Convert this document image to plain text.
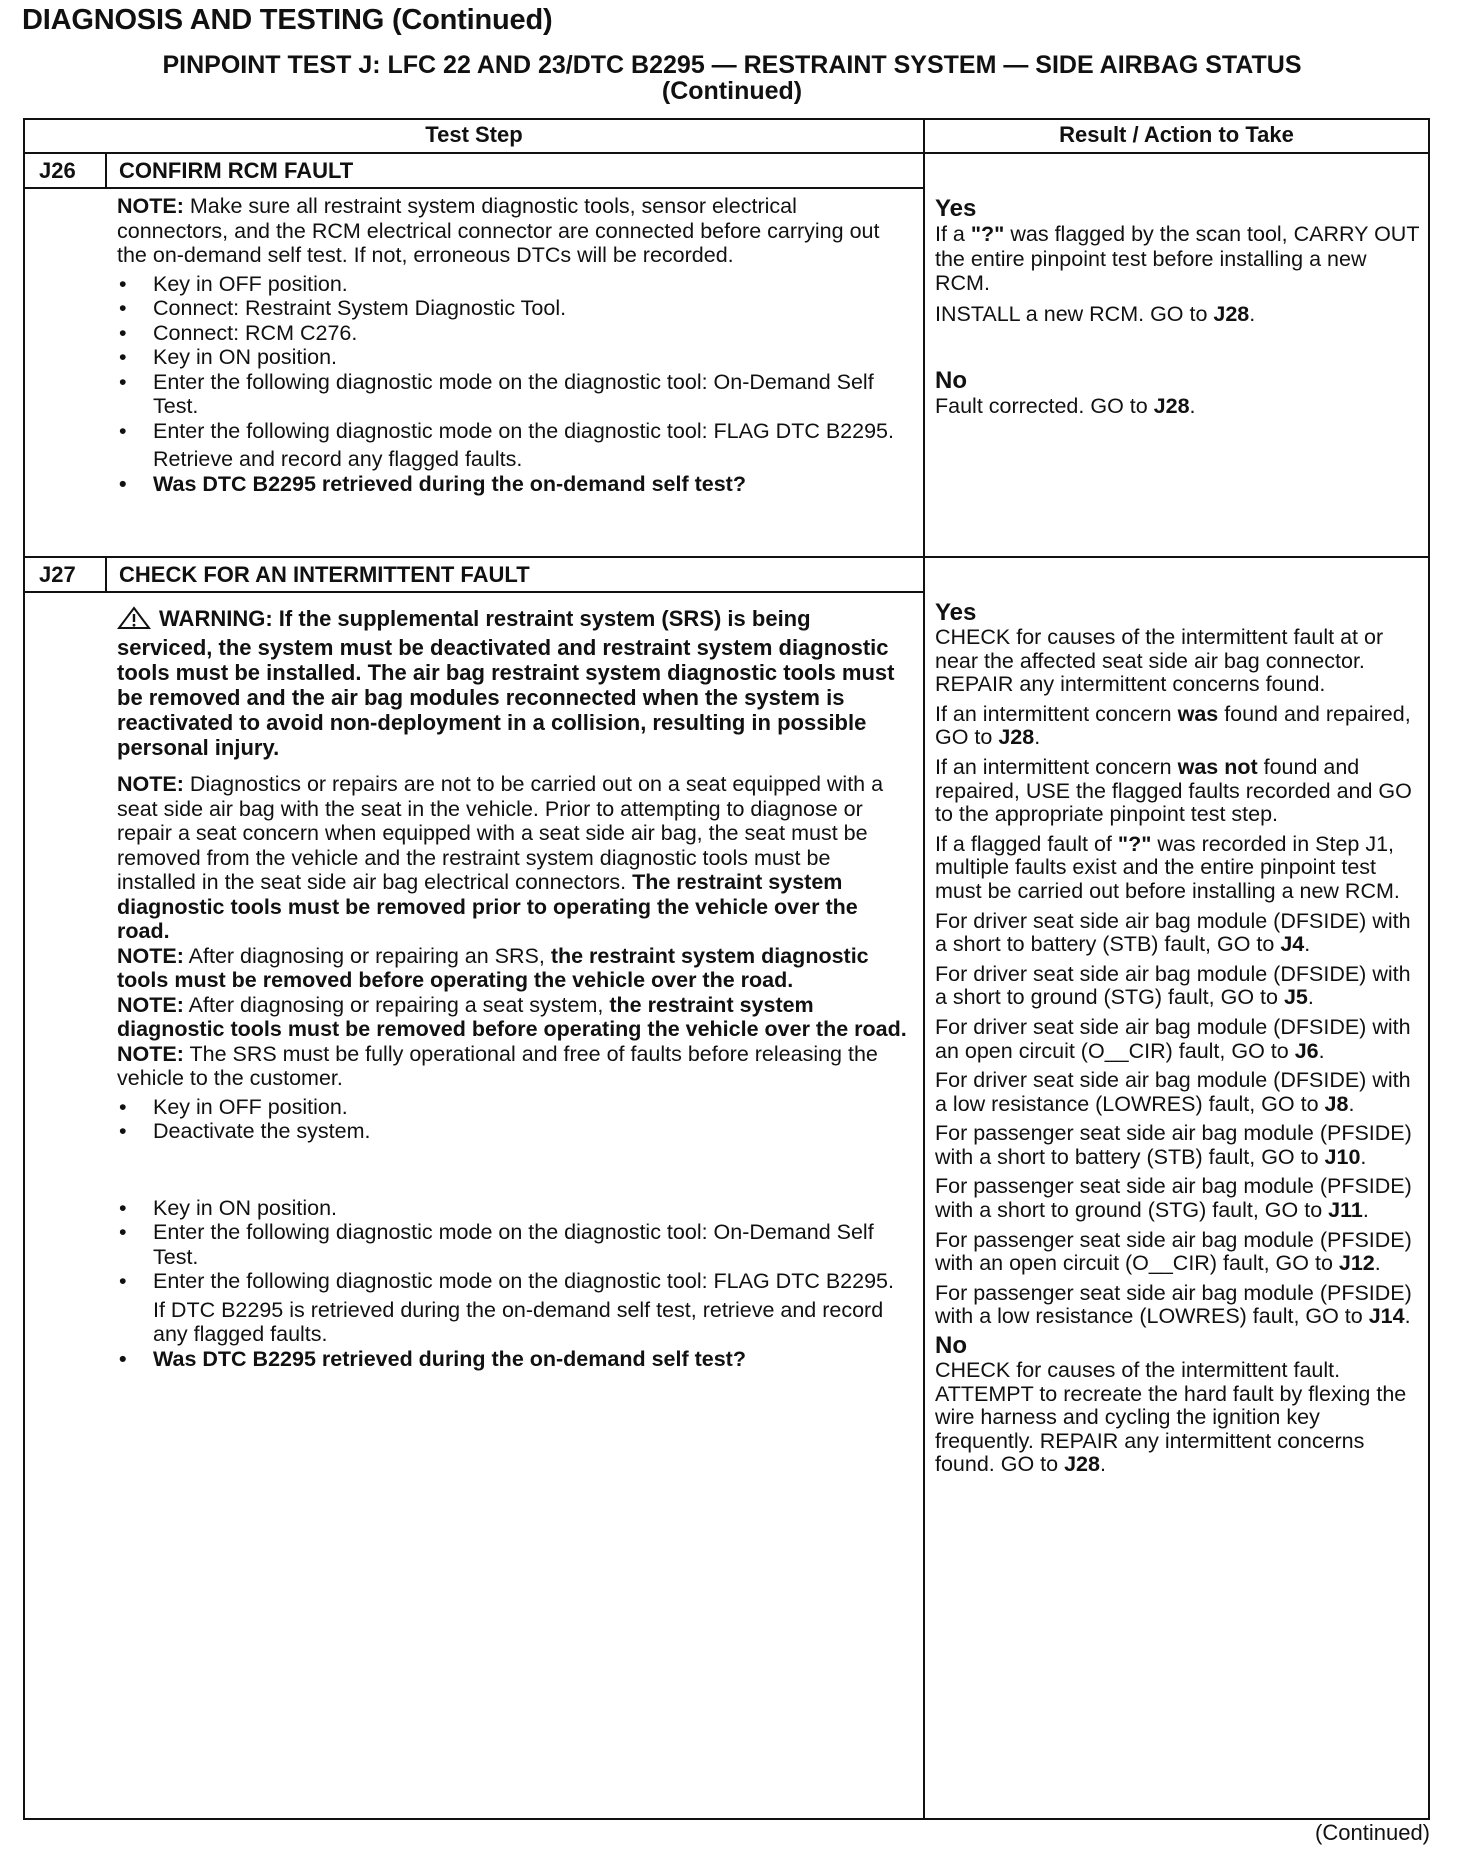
DIAGNOSIS AND TESTING (Continued)
PINPOINT TEST J: LFC 22 AND 23/DTC B2295 — RESTRAINT SYSTEM — SIDE AIRBAG STATUS
(Continued)
Test Step	Result / Action to Take
J26 CONFIRM RCM FAULT

NOTE: Make sure all restraint system diagnostic tools, sensor electrical connectors, and the RCM electrical connector are connected before carrying out the on-demand self test. If not, erroneous DTCs will be recorded.

• Key in OFF position.

• Connect: Restraint System Diagnostic Tool.

• Connect: RCM C276.

• Key in ON position.

• Enter the following diagnostic mode on the diagnostic tool: On-Demand Self Test.

• Enter the following diagnostic mode on the diagnostic tool: FLAG DTC B2295.

Retrieve and record any flagged faults.

• Was DTC B2295 retrieved during the on-demand self test?

Yes

If a "?" was flagged by the scan tool, CARRY OUT the entire pinpoint test before installing a new RCM.

INSTALL a new RCM. GO to J28.

No

Fault corrected. GO to J28.

J27 CHECK FOR AN INTERMITTENT FAULT

WARNING: If the supplemental restraint system (SRS) is being serviced, the system must be deactivated and restraint system diagnostic tools must be installed. The air bag restraint system diagnostic tools must be removed and the air bag modules reconnected when the system is reactivated to avoid non-deployment in a collision, resulting in possible personal injury.

NOTE: Diagnostics or repairs are not to be carried out on a seat equipped with a seat side air bag with the seat in the vehicle. Prior to attempting to diagnose or repair a seat concern when equipped with a seat side air bag, the seat must be removed from the vehicle and the restraint system diagnostic tools must be installed in the seat side air bag electrical connectors. The restraint system diagnostic tools must be removed prior to operating the vehicle over the road.

NOTE: After diagnosing or repairing an SRS, the restraint system diagnostic tools must be removed before operating the vehicle over the road.

NOTE: After diagnosing or repairing a seat system, the restraint system diagnostic tools must be removed before operating the vehicle over the road.

NOTE: The SRS must be fully operational and free of faults before releasing the vehicle to the customer.

• Key in OFF position.

• Deactivate the system.

• Key in ON position.

• Enter the following diagnostic mode on the diagnostic tool: On-Demand Self Test.

• Enter the following diagnostic mode on the diagnostic tool: FLAG DTC B2295.

If DTC B2295 is retrieved during the on-demand self test, retrieve and record any flagged faults.

• Was DTC B2295 retrieved during the on-demand self test?

Yes

CHECK for causes of the intermittent fault at or near the affected seat side air bag connector. REPAIR any intermittent concerns found.

If an intermittent concern was found and repaired, GO to J28.

If an intermittent concern was not found and repaired, USE the flagged faults recorded and GO to the appropriate pinpoint test step.

If a flagged fault of "?" was recorded in Step J1, multiple faults exist and the entire pinpoint test must be carried out before installing a new RCM.

For driver seat side air bag module (DFSIDE) with a short to battery (STB) fault, GO to J4.

For driver seat side air bag module (DFSIDE) with a short to ground (STG) fault, GO to J5.

For driver seat side air bag module (DFSIDE) with an open circuit (O__CIR) fault, GO to J6.

For driver seat side air bag module (DFSIDE) with a low resistance (LOWRES) fault, GO to J8.

For passenger seat side air bag module (PFSIDE) with a short to battery (STB) fault, GO to J10.

For passenger seat side air bag module (PFSIDE) with a short to ground (STG) fault, GO to J11.

For passenger seat side air bag module (PFSIDE) with an open circuit (O__CIR) fault, GO to J12.

For passenger seat side air bag module (PFSIDE) with a low resistance (LOWRES) fault, GO to J14.

No

CHECK for causes of the intermittent fault. ATTEMPT to recreate the hard fault by flexing the wire harness and cycling the ignition key frequently. REPAIR any intermittent concerns found. GO to J28.

(Continued)
